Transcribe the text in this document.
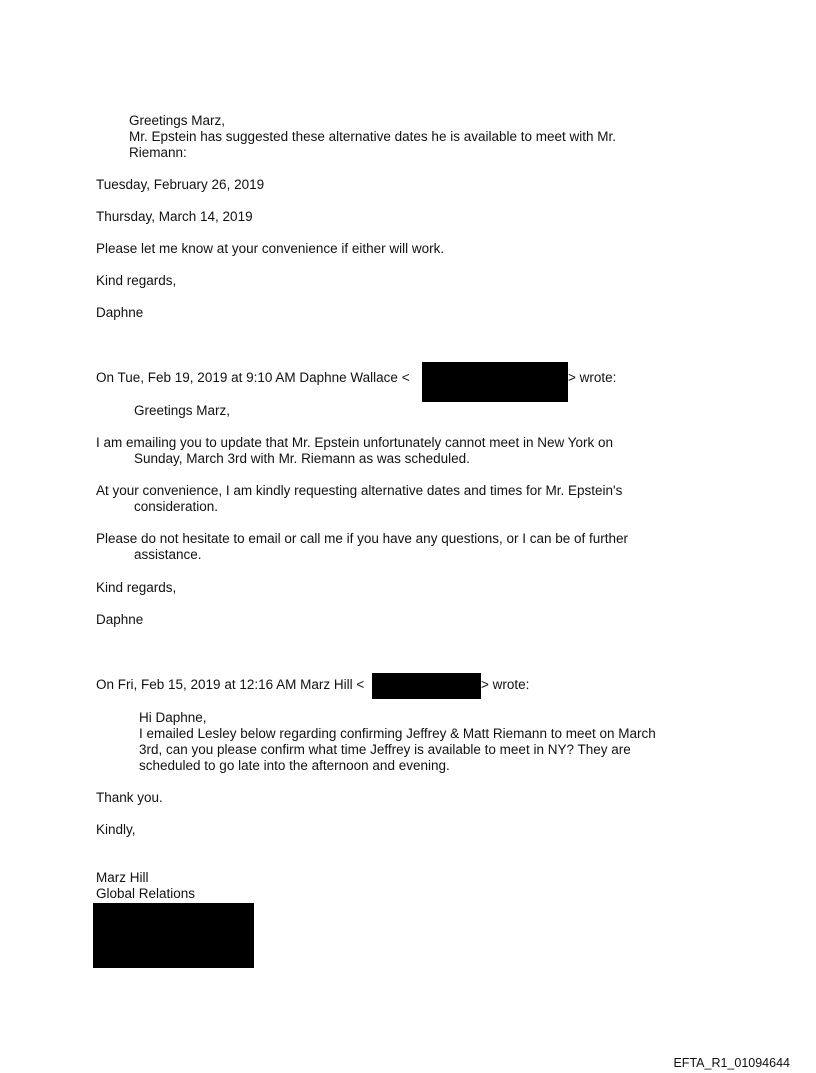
Greetings Marz,
Mr. Epstein has suggested these alternative dates he is available to meet with Mr.
Riemann:
Tuesday, February 26, 2019
Thursday, March 14, 2019
Please let me know at your convenience if either will work.
Kind regards,
Daphne
On Tue, Feb 19, 2019 at 9:10 AM Daphne Wallace <	> wrote:
Greetings Marz,
I am emailing you to update that Mr. Epstein unfortunately cannot meet in New York on
Sunday, March 3rd with Mr. Riemann as was scheduled.
At your convenience, I am kindly requesting alternative dates and times for Mr. Epstein's
consideration.
Please do not hesitate to email or call me if you have any questions, or I can be of further
assistance.
Kind regards,
Daphne
On Fri, Feb 15, 2019 at 12:16 AM Marz Hill <	> wrote:
Hi Daphne,
I emailed Lesley below regarding confirming Jeffrey & Matt Riemann to meet on March
3rd, can you please confirm what time Jeffrey is available to meet in NY? They are
scheduled to go late into the afternoon and evening.
Thank you.
Kindly,
Marz Hill
Global Relations
EFTA_R1_01094644
